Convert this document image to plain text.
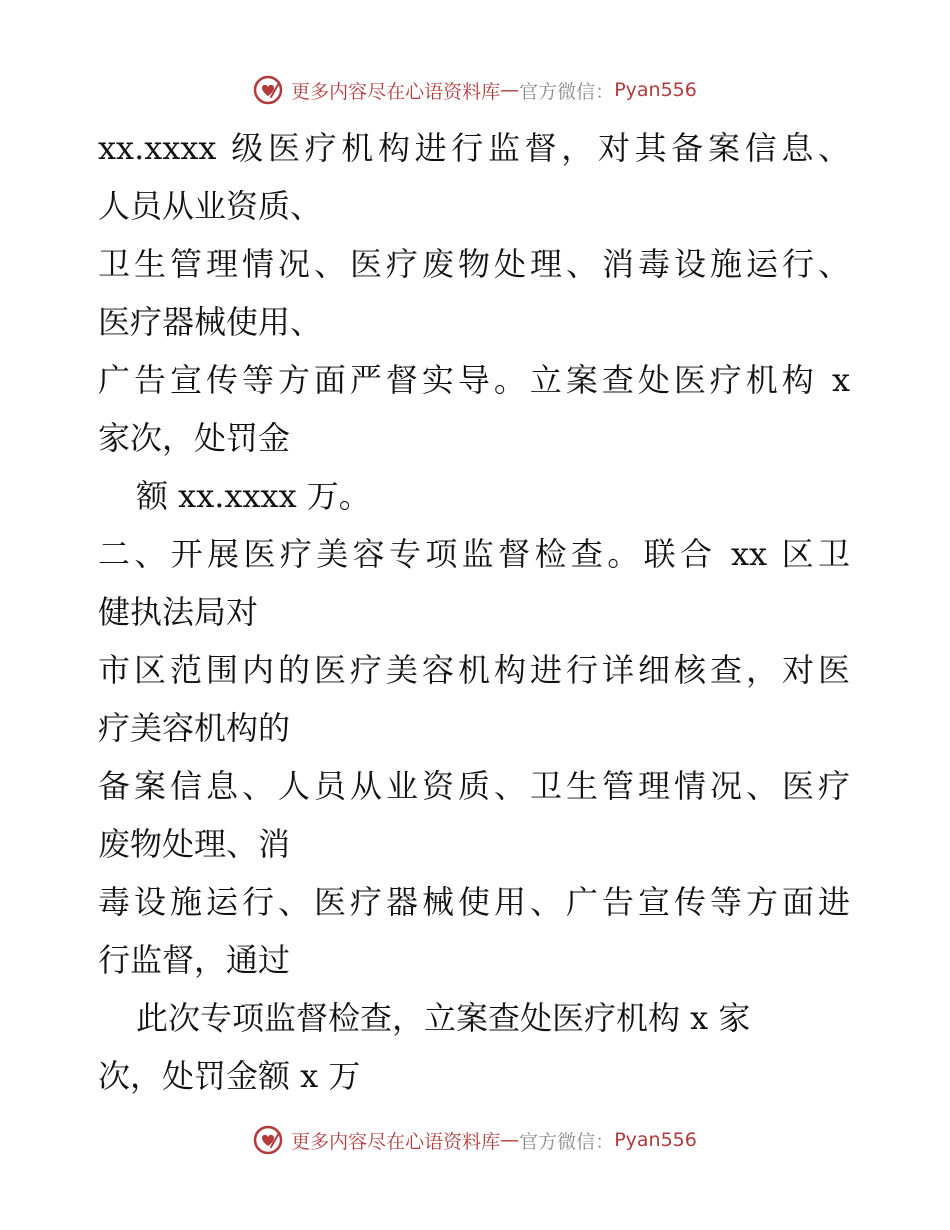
更多内容尽在心语资料库 — 官方微信： Pyan556
xx.xxxx 级医疗机构进行监督，对其备案信息、
人员从业资质、
卫生管理情况、医疗废物处理、消毒设施运行、
医疗器械使用、
广告宣传等方面严督实导。立案查处医疗机构 x
家次，处罚金
额 xx.xxxx 万。
二、开展医疗美容专项监督检查。联合 xx 区卫
健执法局对
市区范围内的医疗美容机构进行详细核查，对医
疗美容机构的
备案信息、人员从业资质、卫生管理情况、医疗
废物处理、消
毒设施运行、医疗器械使用、广告宣传等方面进
行监督，通过
此次专项监督检查，立案查处医疗机构 x 家
次，处罚金额 x 万
更多内容尽在心语资料库 — 官方微信： Pyan556
